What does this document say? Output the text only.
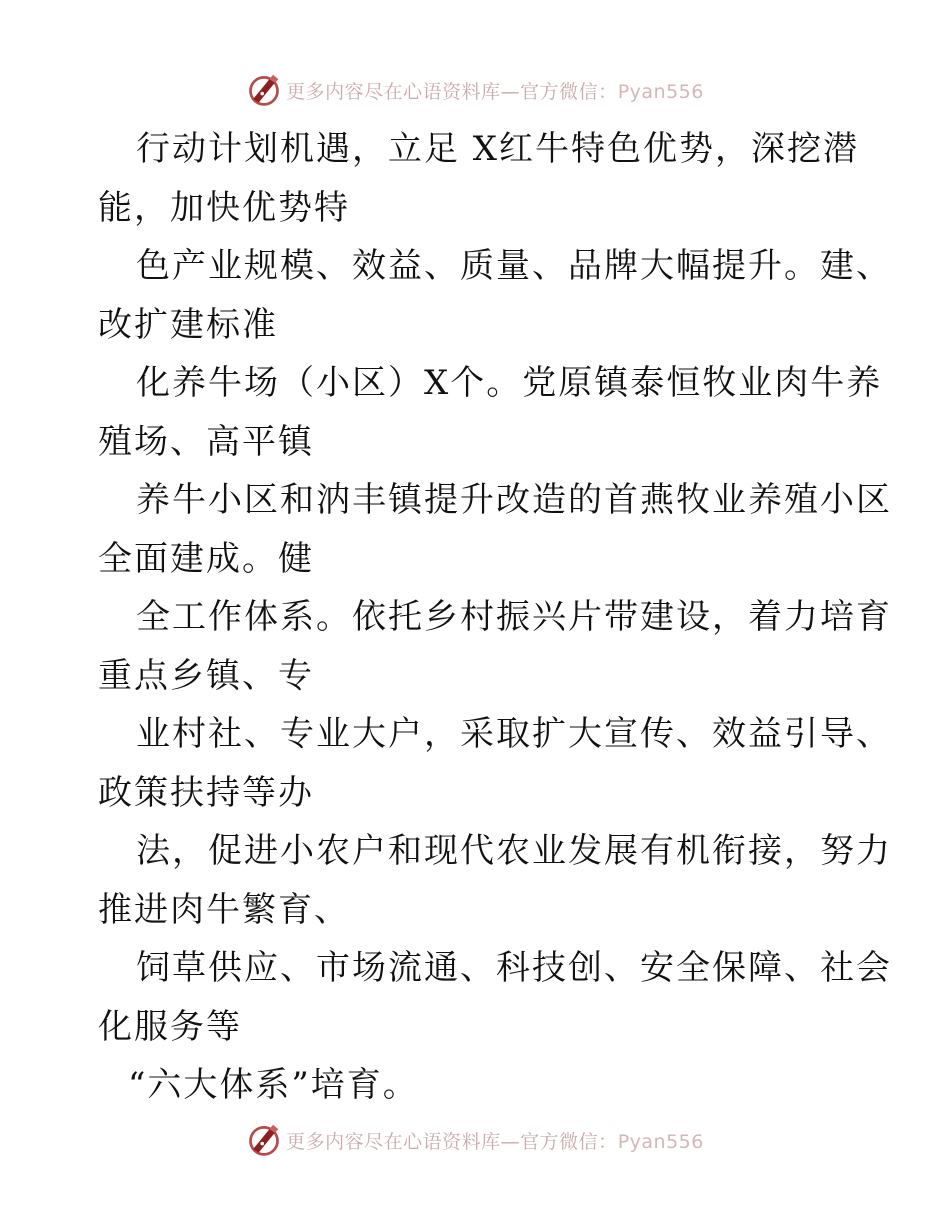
更多内容尽在心语资料库—官方微信：Pyan556

行动计划机遇，立足 X红牛特色优势，深挖潜
能，加快优势特

色产业规模、效益、质量、品牌大幅提升。建、
改扩建标准

化养牛场（小区）X个。党原镇泰恒牧业肉牛养
殖场、高平镇

养牛小区和汭丰镇提升改造的首燕牧业养殖小区
全面建成。健

全工作体系。依托乡村振兴片带建设，着力培育
重点乡镇、专

业村社、专业大户，采取扩大宣传、效益引导、
政策扶持等办

法，促进小农户和现代农业发展有机衔接，努力
推进肉牛繁育、

饲草供应、市场流通、科技创、安全保障、社会
化服务等

“六大体系”培育。

更多内容尽在心语资料库—官方微信：Pyan556
